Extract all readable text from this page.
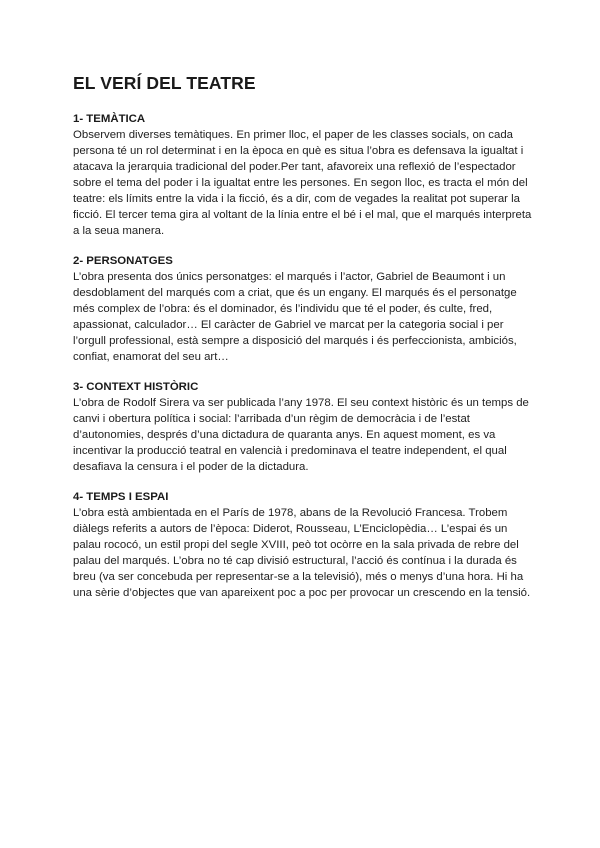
EL VERÍ DEL TEATRE
1- TEMÀTICA

Observem diverses temàtiques. En primer lloc, el paper de les classes socials, on cada persona té un rol determinat i en la època en què es situa l’obra es defensava la igualtat i atacava la jerarquia tradicional del poder.Per tant, afavoreix una reflexió de l’espectador sobre el tema del poder i la igualtat entre les persones. En segon lloc, es tracta el món del teatre: els límits entre la vida i la ficció, és a dir, com de vegades la realitat pot superar la ficció. El tercer tema gira al voltant de la línia entre el bé i el mal, que el marqués interpreta a la seua manera.

2- PERSONATGES

L’obra presenta dos únics personatges: el marqués i l’actor, Gabriel de Beaumont i un desdoblament del marqués com a criat, que és un engany. El marqués és el personatge més complex de l’obra: és el dominador, és l’individu que té el poder, és culte, fred, apassionat, calculador… El caràcter de Gabriel ve marcat per la categoria social i per l’orgull professional, està sempre a disposició del marqués i és perfeccionista, ambiciós, confiat, enamorat del seu art…

3- CONTEXT HISTÒRIC

L’obra de Rodolf Sirera va ser publicada l’any 1978. El seu context històric és un temps de canvi i obertura política i social: l’arribada d’un règim de democràcia i de l’estat d’autonomies, després d’una dictadura de quaranta anys. En aquest moment, es va incentivar la producció teatral en valencià i predominava el teatre independent, el qual desafiava la censura i el poder de la dictadura.

4- TEMPS I ESPAI

L’obra està ambientada en el París de 1978, abans de la Revolució Francesa. Trobem diàlegs referits a autors de l’època: Diderot, Rousseau, L’Enciclopèdia… L’espai és un palau rococó, un estil propi del segle XVIII, peò tot ocòrre en la sala privada de rebre del palau del marqués. L’obra no té cap divisió estructural, l’acció és contínua i la durada és breu (va ser concebuda per representar-se a la televisió), més o menys d’una hora. Hi ha una sèrie d’objectes que van apareixent poc a poc per provocar un crescendo en la tensió.
